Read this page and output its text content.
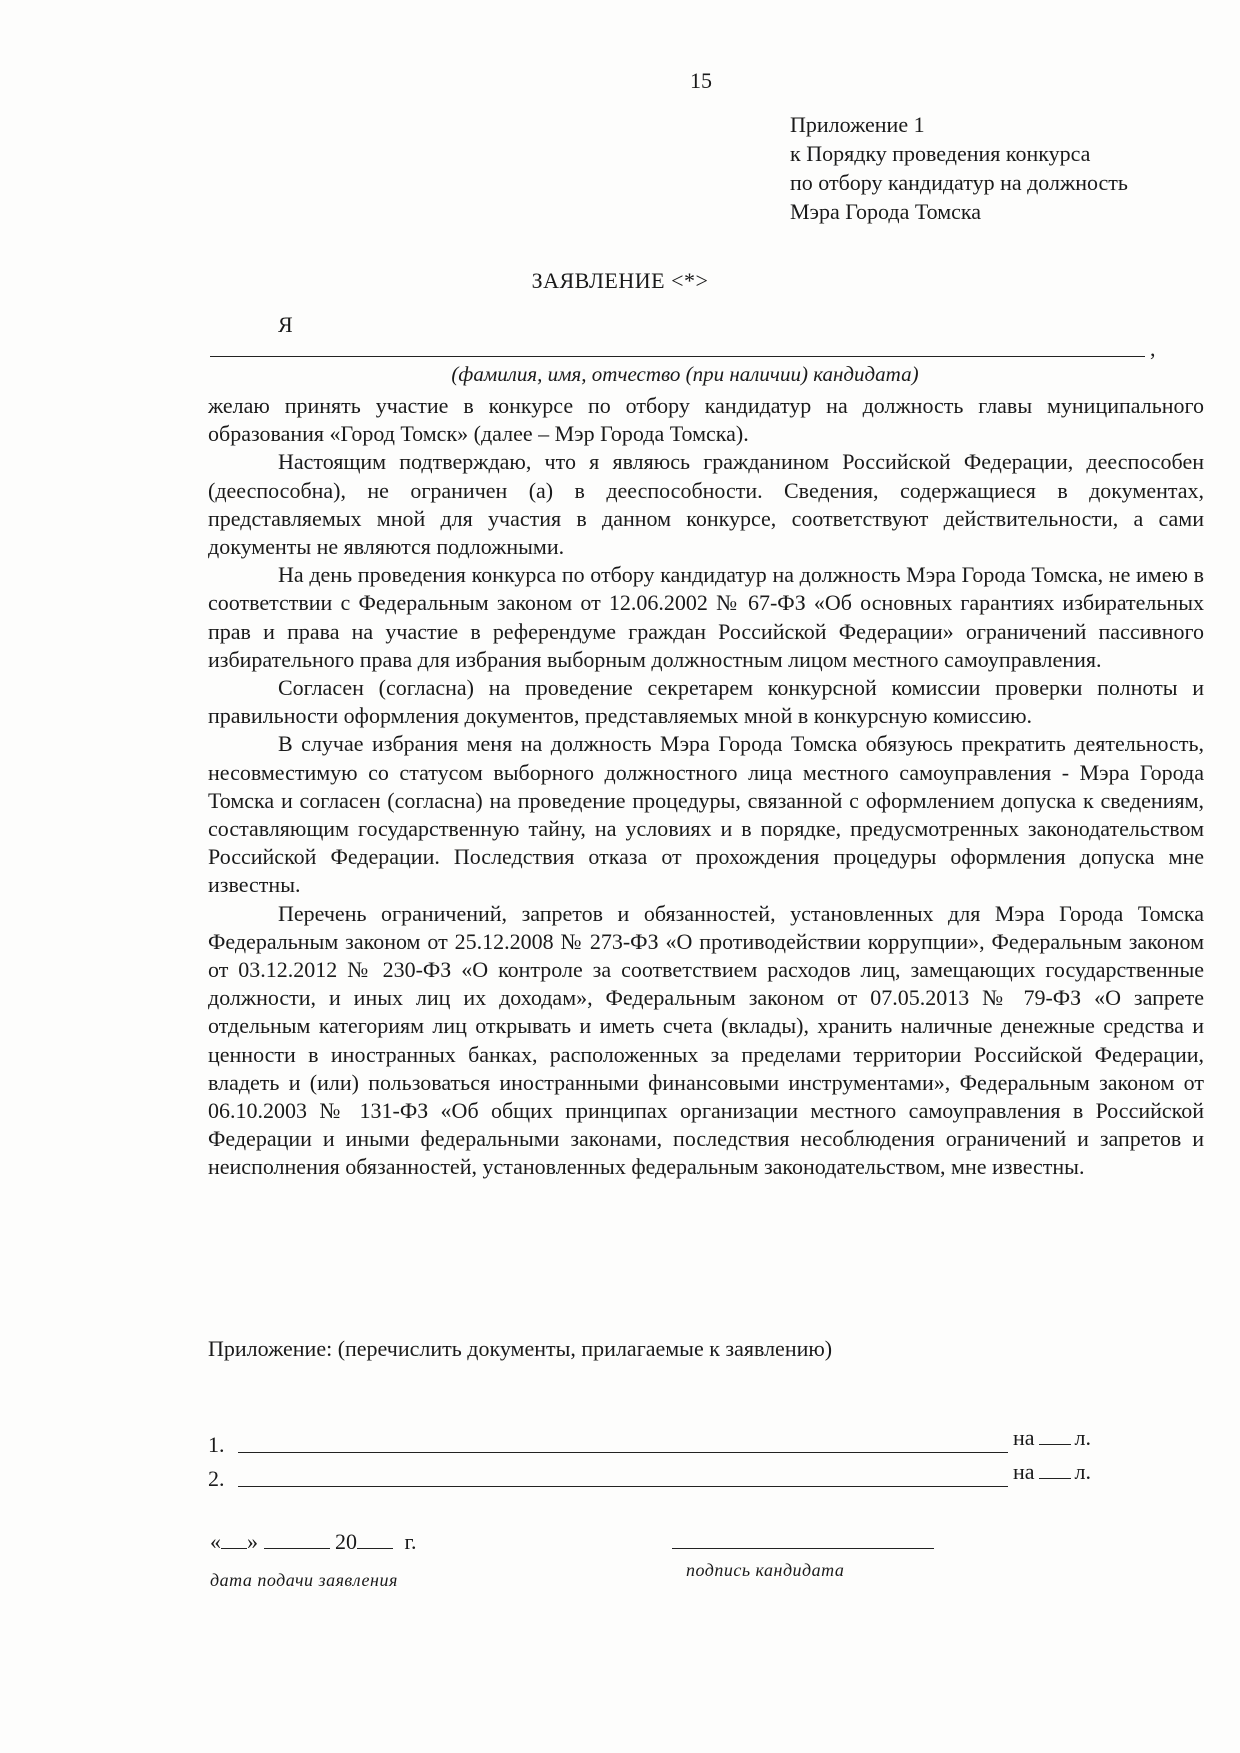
15
Приложение 1
к Порядку проведения конкурса
по отбору кандидатур на должность
Мэра Города Томска
ЗАЯВЛЕНИЕ <*>
Я
,
(фамилия, имя, отчество (при наличии) кандидата)

желаю принять участие в конкурсе по отбору кандидатур на должность главы муниципального образования «Город Томск» (далее – Мэр Города Томска).

Настоящим подтверждаю, что я являюсь гражданином Российской Федерации, дееспособен (дееспособна), не ограничен (а) в дееспособности. Сведения, содержащиеся в документах, представляемых мной для участия в данном конкурсе, соответствуют действительности, а сами документы не являются подложными.

На день проведения конкурса по отбору кандидатур на должность Мэра Города Томска, не имею в соответствии с Федеральным законом от 12.06.2002 № 67-ФЗ «Об основных гарантиях избирательных прав и права на участие в референдуме граждан Российской Федерации» ограничений пассивного избирательного права для избрания выборным должностным лицом местного самоуправления.

Согласен (согласна) на проведение секретарем конкурсной комиссии проверки полноты и правильности оформления документов, представляемых мной в конкурсную комиссию.

В случае избрания меня на должность Мэра Города Томска обязуюсь прекратить деятельность, несовместимую со статусом выборного должностного лица местного самоуправления - Мэра Города Томска и согласен (согласна) на проведение процедуры, связанной с оформлением допуска к сведениям, составляющим государственную тайну, на условиях и в порядке, предусмотренных законодательством Российской Федерации. Последствия отказа от прохождения процедуры оформления допуска мне известны.

Перечень ограничений, запретов и обязанностей, установленных для Мэра Города Томска Федеральным законом от 25.12.2008 № 273-ФЗ «О противодействии коррупции», Федеральным законом от 03.12.2012 № 230-ФЗ «О контроле за соответствием расходов лиц, замещающих государственные должности, и иных лиц их доходам», Федеральным законом от 07.05.2013 № 79-ФЗ «О запрете отдельным категориям лиц открывать и иметь счета (вклады), хранить наличные денежные средства и ценности в иностранных банках, расположенных за пределами территории Российской Федерации, владеть и (или) пользоваться иностранными финансовыми инструментами», Федеральным законом от 06.10.2003 № 131-ФЗ «Об общих принципах организации местного самоуправления в Российской Федерации и иными федеральными законами, последствия несоблюдения ограничений и запретов и неисполнения обязанностей, установленных федеральным законодательством, мне известны.

Приложение: (перечислить документы, прилагаемые к заявлению)
1.	на л.
2.	на л.
« »	20 г.
дата подачи заявления	подпись кандидата
